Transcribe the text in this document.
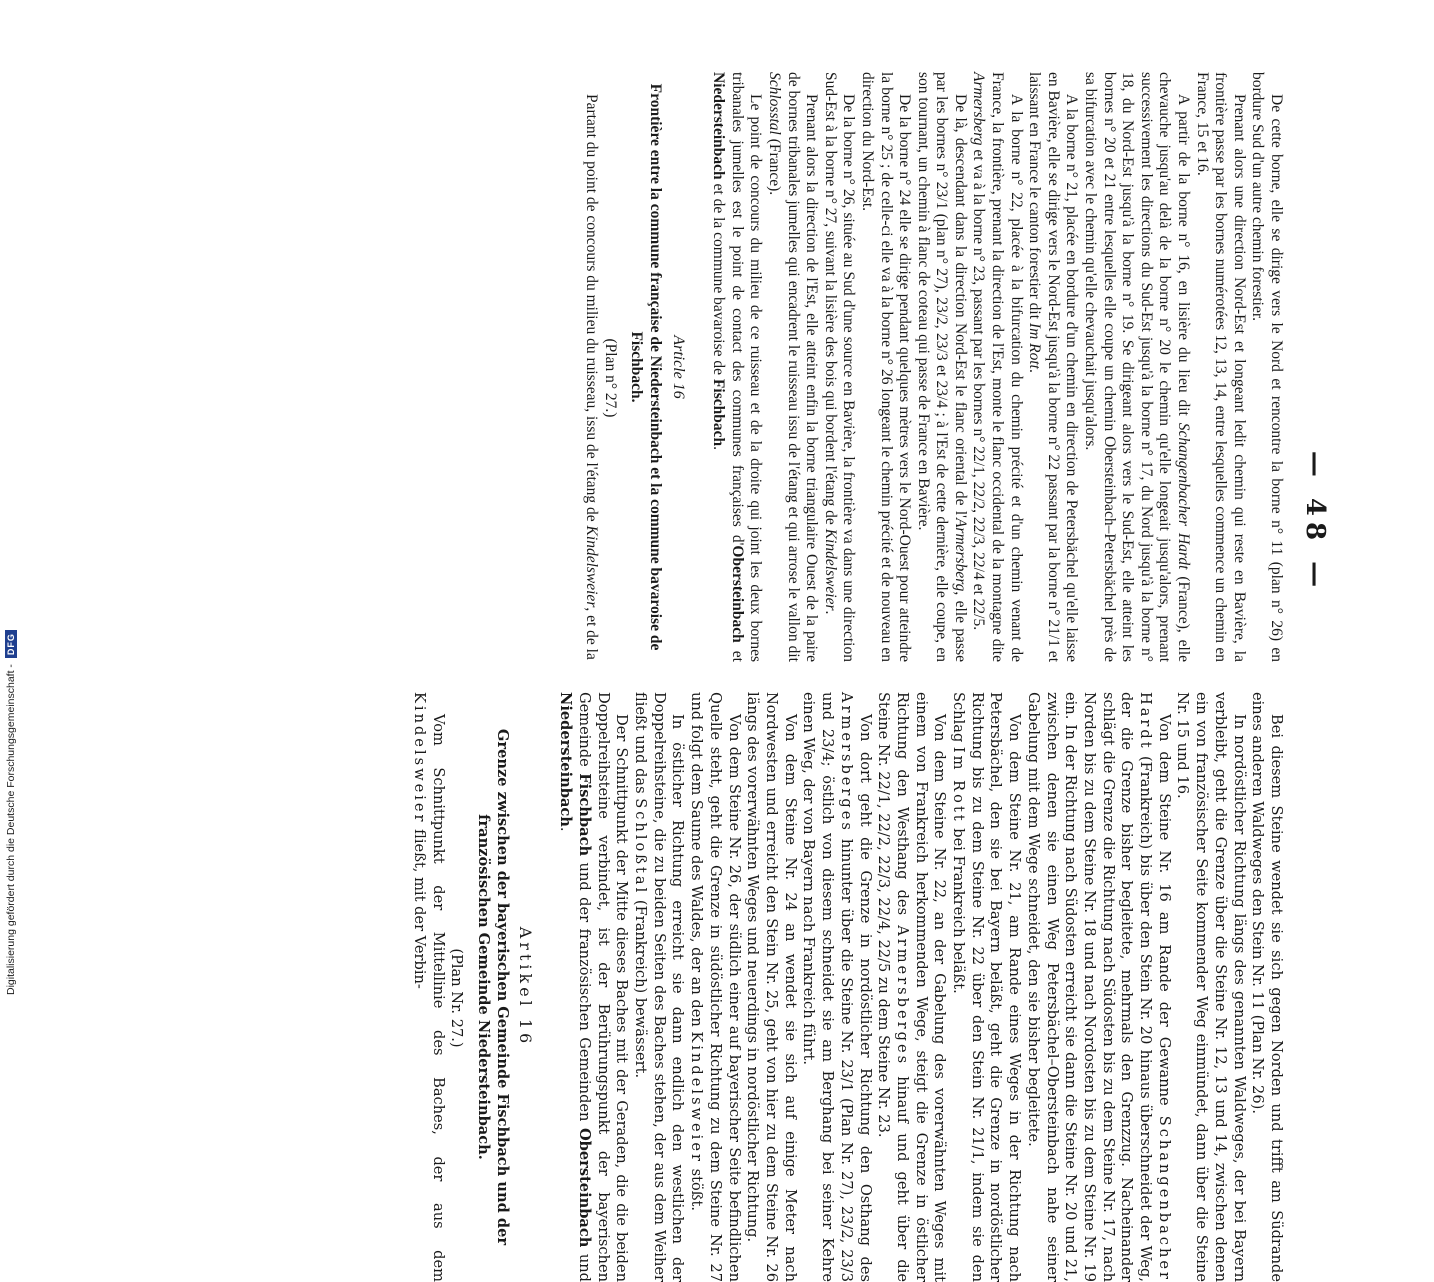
— 48 —

De cette borne, elle se dirige vers le Nord et rencontre la borne n° 11 (plan n° 26) en bordure Sud d'un autre chemin forestier.

Prenant alors une direction Nord-Est et longeant ledit chemin qui reste en Bavière, la frontière passe par les bornes numérotées 12, 13, 14, entre lesquelles commence un chemin en France, 15 et 16.

A partir de la borne n° 16, en lisière du lieu dit Schangenbacher Hardt (France), elle chevauche jusqu'au delà de la borne n° 20 le chemin qu'elle longeait jusqu'alors, prenant successivement les directions du Sud-Est jusqu'à la borne n° 17, du Nord jusqu'à la borne n° 18, du Nord-Est jusqu'à la borne n° 19. Se dirigeant alors vers le Sud-Est, elle atteint les bornes n° 20 et 21 entre lesquelles elle coupe un chemin Obersteinbach–Petersbächel près de sa bifurcation avec le chemin qu'elle chevauchait jusqu'alors.

A la borne n° 21, placée en bordure d'un chemin en direction de Petersbächel qu'elle laisse en Bavière, elle se dirige vers le Nord-Est jusqu'à la borne n° 22 passant par la borne n° 21/1 et laissant en France le canton forestier dit Im Rott.

A la borne n° 22, placée à la bifurcation du chemin précité et d'un chemin venant de France, la frontière, prenant la direction de l'Est, monte le flanc occidental de la montagne dite Armersberg et va à la borne n° 23, passant par les bornes n° 22/1, 22/2, 22/3, 22/4 et 22/5.

De là, descendant dans la direction Nord-Est le flanc oriental de l'Armersberg, elle passe par les bornes n° 23/1 (plan n° 27), 23/2, 23/3 et 23/4 ; à l'Est de cette dernière, elle coupe, en son tournant, un chemin à flanc de coteau qui passe de France en Bavière.

De la borne n° 24 elle se dirige pendant quelques mètres vers le Nord-Ouest pour atteindre la borne n° 25 ; de celle-ci elle va à la borne n° 26 longeant le chemin précité et de nouveau en direction du Nord-Est.

De la borne n° 26, située au Sud d'une source en Bavière, la frontière va dans une direction Sud-Est à la borne n° 27, suivant la lisière des bois qui bordent l'étang de Kindelsweier.

Prenant alors la direction de l'Est, elle atteint enfin la borne triangulaire Ouest de la paire de bornes tribanales jumelles qui encadrent le ruisseau issu de l'étang et qui arrose le vallon dit Schlosstal (France).

Le point de concours du milieu de ce ruisseau et de la droite qui joint les deux bornes tribanales jumelles est le point de contact des communes françaises d'Obersteinbach et Niedersteinbach et de la commune bavaroise de Fischbach.

Article 16
Frontière entre la commune française de Niedersteinbach et la commune bavaroise de Fischbach.

(Plan n° 27.)

Partant du point de concours du milieu du ruisseau, issu de l'étang de Kindelsweier, et de la

Bei diesem Steine wendet sie sich gegen Norden und trifft am Südrande eines anderen Waldweges den Stein Nr. 11 (Plan Nr. 26).

In nordöstlicher Richtung längs des genannten Waldweges, der bei Bayern verbleibt, geht die Grenze über die Steine Nr. 12, 13 und 14, zwischen denen ein von französischer Seite kommender Weg einmündet, dann über die Steine Nr. 15 und 16.

Von dem Steine Nr. 16 am Rande der Gewanne Schangenbacher Hardt (Frankreich) bis über den Stein Nr. 20 hinaus überschneidet der Weg, der die Grenze bisher begleitete, mehrmals den Grenzzug. Nacheinander schlägt die Grenze die Richtung nach Südosten bis zu dem Steine Nr. 17, nach Norden bis zu dem Steine Nr. 18 und nach Nordosten bis zu dem Steine Nr. 19 ein. In der Richtung nach Südosten erreicht sie dann die Steine Nr. 20 und 21, zwischen denen sie einen Weg Petersbächel–Obersteinbach nahe seiner Gabelung mit dem Wege schneidet, den sie bisher begleitete.

Von dem Steine Nr. 21, am Rande eines Weges in der Richtung nach Petersbächel, den sie bei Bayern beläßt, geht die Grenze in nordöstlicher Richtung bis zu dem Steine Nr. 22 über den Stein Nr. 21/1, indem sie den Schlag Im Rott bei Frankreich beläßt.

Von dem Steine Nr. 22, an der Gabelung des vorerwähnten Weges mit einem von Frankreich herkommenden Wege, steigt die Grenze in östlicher Richtung den Westhang des Armersberges hinauf und geht über die Steine Nr. 22/1, 22/2, 22/3, 22/4, 22/5 zu dem Steine Nr. 23.

Von dort geht die Grenze in nordöstlicher Richtung den Osthang des Armersberges hinunter über die Steine Nr. 23/1 (Plan Nr. 27), 23/2, 23/3 und 23/4; östlich von diesem schneidet sie am Berghang bei seiner Kehre einen Weg, der von Bayern nach Frankreich führt.

Von dem Steine Nr. 24 an wendet sie sich auf einige Meter nach Nordwesten und erreicht den Stein Nr. 25, geht von hier zu dem Steine Nr. 26 längs des vorerwähnten Weges und neuerdings in nordöstlicher Richtung.

Von dem Steine Nr. 26, der südlich einer auf bayerischer Seite befindlichen Quelle steht, geht die Grenze in südöstlicher Richtung zu dem Steine Nr. 27 und folgt dem Saume des Waldes, der an den Kindelsweier stößt.

In östlicher Richtung erreicht sie dann endlich den westlichen der Doppelreihsteine, die zu beiden Seiten des Baches stehen, der aus dem Weiher fließt und das Schloßtal (Frankreich) bewässert.

Der Schnittpunkt der Mitte dieses Baches mit der Geraden, die die beiden Doppelreihsteine verbindet, ist der Berührungspunkt der bayerischen Gemeinde Fischbach und der französischen Gemeinden Obersteinbach und Niedersteinbach.

Artikel 16
Grenze zwischen der bayerischen Gemeinde Fischbach und der französischen Gemeinde Niedersteinbach.

(Plan Nr. 27.)

Vom Schnittpunkt der Mittellinie des Baches, der aus dem Kindelsweier fließt, mit der Verbin-

Digitalisierung gefördert durch die Deutsche Forschungsgemeinschaft -
DFG
